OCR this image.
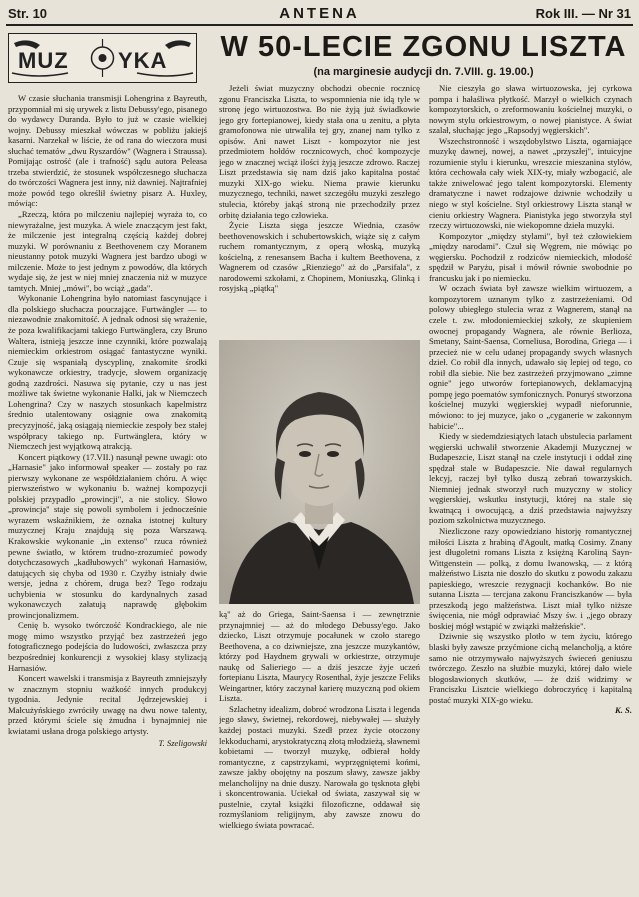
Str. 10	ANTENA	Rok III. — Nr 31
MUZ YKA W 50-LECIE ZGONU LISZTA
(na marginesie audycji dn. 7.VIII. g. 19.00.)

W czasie słuchania transmisji Lohengrina z Bayreuth, przypomniał mi się urywek z listu Debussy'ego, pisanego do wydawcy Duranda. Było to już w czasie wielkiej wojny. Debussy mieszkał wówczas w pobliżu jakiejś kasarni. Narzekał w liście, że od rana do wieczora musi słuchać tematów „dwu Ryszardów" (Wagnera i Straussa). Pomijając ostrość (ale i trafność) sądu autora Peleasa trzeba stwierdzić, że stosunek współczesnego słuchacza do twórczości Wagnera jest inny, niż dawniej. Najtrafniej może powód tego określił świetny pisarz A. Huxley, mówiąc:

„Rzeczą, która po milczeniu najlepiej wyraża to, co niewyrażalne, jest muzyka. A wiele znaczącym jest fakt, że milczenie jest integralną częścią każdej dobrej muzyki. W porównaniu z Beethovenem czy Moranem nieustanny potok muzyki Wagnera jest bardzo ubogi w milczenie. Może to jest jednym z powodów, dla których wydaje się, że jest w niej mniej znaczenia niż w muzyce tamtych. Mniej „mówi", bo wciąż „gada".

Wykonanie Lohengrina było natomiast fascynujące i dla polskiego słuchacza pouczające. Furtwängler — to niezawodnie znakomitość. A jednak odnosi się wrażenie, że poza kwalifikacjami takiego Furtwänglera, czy Bruno Waltera, istnieją jeszcze inne czynniki, które pozwalają niemieckim orkiestrom osiągać fantastyczne wyniki. Czuje się wspaniałą dyscyplinę, znakomite środki wykonawcze orkiestry, tradycje, słowem organizację godną zazdrości. Nasuwa się pytanie, czy u nas jest możliwe tak świetne wykonanie Halki, jak w Niemczech Lohengrina? Czy w naszych stosunkach kapelmistrz średnio utalentowany osiągnie owa znakomitą precyzyjność, jaką osiągają niemieckie zespoły bez stałej współpracy takiego np. Furtwänglera, który w Niemczech jest wyjątkową atrakcją.

Koncert piątkowy (17.VII.) nasunął pewne uwagi: oto „Harnasie" jako informował speaker — zostały po raz pierwszy wykonane ze współdziałaniem chóru. A więc pierwszeństwo w wykonaniu b. ważnej kompozycji polskiej przypadło „prowincji", a nie stolicy. Słowo „prowincja" staje się powoli symbolem i jednocześnie wyrazem wskaźnikiem, że oznaka istotnej kultury muzycznej Kraju znajdują się poza Warszawą. Krakowskie wykonanie „in extenso" rzuca również pewne światło, w którem trudno-zrozumieć powody dotychczasowych „kadłubowych" wykonań Harnasiów, datujących się chyba od 1930 r. Czyżby istniały dwie wersje, jedna z chórem, druga bez? Tego rodzaju uchybienia w stosunku do kardynalnych zasad wykonawczych załatują naprawdę głębokim prowincjonalizmem.

Cenię b. wysoko twórczość Kondrackiego, ale nie mogę mimo wszystko przyjąć bez zastrzeżeń jego fotograficznego podejścia do ludowości, zwłaszcza przy bezpośredniej konkurencji z wysokiej klasy stylizacją Harnasiów.

Koncert wawelski i transmisja z Bayreuth zmniejszyły w znacznym stopniu ważkość innych produkcyj tygodnia. Jedynie recital Jędrzejewskiej i Małcużyńskiego zwróciły uwagę na dwu nowe talenty, przed którymi ściele się żmudna i bynajmniej nie kwiatami usłana droga polskiego artysty.

T. Szeligowski

Jeżeli świat muzyczny obchodzi obecnie rocznicę zgonu Franciszka Liszta, to wspomnienia nie idą tyle w stronę jego wirtuozostwa. Bo nie żyją już świadkowie jego gry fortepianowej, kiedy stała ona u zenitu, a płyta gramofonowa nie utrwaliła tej gry, znanej nam tylko z opisów. Ani nawet Liszt - kompozytor nie jest przedmiotem hołdów rocznicowych, choć kompozycje jego w znacznej wciąż ilości żyją jeszcze zdrowo. Raczej Liszt przedstawia się nam dziś jako kapitalna postać muzyki XIX-go wieku. Niema prawie kierunku muzycznego, techniki, nawet szczegółu muzyki zeszłego stulecia, któreby jakąś stroną nie przechodziły przez orbitę działania tego człowieka.

Życie Liszta sięga jeszcze Wiednia, czasów beethovenowskich i schubertowskich, wiąże się z całym ruchem romantycznym, z operą włoską, muzyką kościelną, z renesansem Bacha i kultem Beethovena, z Wagnerem od czasów „Rienziego" aż do „Parsifala", z narodowemi szkołami, z Chopinem, Moniuszką, Glinką i rosyjską „piątką"

ką" aż do Griega, Saint-Saensa i — zewnętrznie przynajmniej — aż do młodego Debussy'ego. Jako dziecko, Liszt otrzymuje pocałunek w czoło starego Beethovena, a co dziwniejsze, zna jeszcze muzykantów, którzy pod Haydnem grywali w orkiestrze, otrzymuje naukę od Salieriego — a dziś jeszcze żyje uczeń fortepianu Liszta, Maurycy Rosenthal, żyje jeszcze Feliks Weingartner, który zaczynał karierę muzyczną pod okiem Liszta.

Szlachetny idealizm, dobroć wrodzona Liszta i legenda jego sławy, świetnej, rekordowej, niebywałej — służyły każdej postaci muzyki. Szedł przez życie otoczony lekkoduchami, arystokratyczną złotą młodzieżą, sławnemi kobietami — tworzył muzykę, odbierał hołdy romantyczne, z capstrzykami, wyprzęgniętemi końmi, zawsze jakby obojętny na poszum sławy, zawsze jakby melancholijny na dnie duszy. Narowała go tęsknota głębi i skoncentrowania. Uciekał od świata, zaszywał się w pustelnie, czytał książki filozoficzne, oddawał się rozmyślaniom religijnym, aby zawsze znowu do wielkiego świata powracać.

Nie cieszyła go sława wirtuozowska, jej cyrkowa pompa i hałaśliwa płytkość. Marzył o wielkich czynach kompozytorskich, o zreformowaniu kościelnej muzyki, o nowym stylu orkiestrowym, o nowej pianistyce. A świat szalał, słuchając jego „Rapsodyj węgierskich".

Wszechstronność i wszędobylstwo Liszta, ogarniające muzykę dawnej, nowej, a nawet „przyszłej", intuicyjne rozumienie stylu i kierunku, wreszcie mieszanina stylów, która cechowała cały wiek XIX-ty, miały wzbogacić, ale także zniwelować jego talent kompozytorski. Elementy dramatyczne i nawet rodzajowe dziwnie wchodziły u niego w styl kościelne. Styl orkiestrowy Liszta stanął w cieniu orkiestry Wagnera. Pianistyka jego stworzyła styl rzeczy wirtuozowski, nie wiekopomne dzieła muzyki.

Kompozytor „między stylami", był też człowiekiem „między narodami". Czuł się Węgrem, nie mówiąc po węgiersku. Pochodził z rodziców niemieckich, młodość spędził w Paryżu, pisał i mówił równie swobodnie po francusku jak i po niemiecku.

W oczach świata był zawsze wielkim wirtuozem, a kompozytorem uznanym tylko z zastrzeżeniami. Od polowy ubiegłego stulecia wraz z Wagnerem, stanął na czele t. zw. młodoniemieckiej szkoły, ze skupieniem owocnej propagandy Wagnera, ale równie Berlioza, Smetany, Saint-Saensa, Corneliusa, Borodina, Griega — i przecież nie w celu udanej propagandy swych własnych dzieł. Co robił dla innych, udawało się lepiej od tego, co robił dla siebie. Nie bez zastrzeżeń przyjmowano „zimne ognie" jego utworów fortepianowych, deklamacyjną pompę jego poematów symfonicznych. Ponuryś stworzona kościelnej muzyki węgierskiej wypadł nieforunnie, mówiono: to jej muzyce, jako o „cyganerie w zakonnym habicie"...

Kiedy w siedemdziesiątych latach ubstulecia parlament węgierski uchwalił stworzenie Akademji Muzycznej w Budapeszcie, Liszt stanął na czele instytucji i oddał zinę spędzał stale w Budapeszcie. Nie dawał regularnych lekcyj, raczej był tylko duszą zebrań towarzyskich. Niemniej jednak stworzył ruch muzyczny w stolicy węgierskiej, wskutku instytucji, której na stale się kwatnącą i owocującą, a dziś przedstawia najwyższy poziom szkolnictwa muzycznego.

Niezliczone razy opowiedziano historję romantycznej miłości Liszta z hrabiną d'Agoult, matką Cosimy. Znany jest długoletni romans Liszta z księżną Karoliną Sayn-Wittgenstein — polką, z domu Iwanowską, — z którą małżeństwo Liszta nie doszło do skutku z powodu zakazu papieskiego, wreszcie rezygnacji kochanków. Bo nie sutanna Liszta — tercjana zakonu Franciszkanów — była przeszkodą jego małżeństwa. Liszt miał tylko niższe święcenia, nie mógł odprawiać Mszy św. i „jego obrazy boskiej mógł wstąpić w związki małżeńskie".

Dziwnie się wszystko plotło w tem życiu, którego blaski były zawsze przyćmione cichą melancholją, a które samo nie otrzymywało najwyższych świeceń geniuszu twórczego. Zeszło na służbie muzyki, której dało wiele błogosławionych skutków, — że dziś widzimy w Franciszku Lisztcie wielkiego dobroczyńcę i kapitalną postać muzyki XIX-go wieku.

K. S.
